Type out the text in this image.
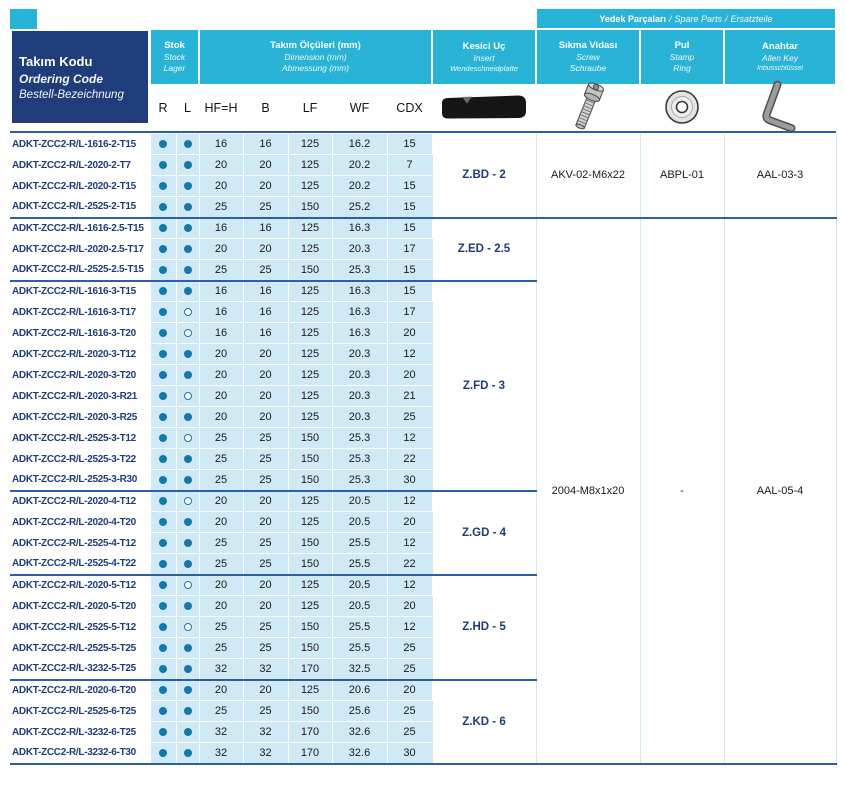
Takım Kodu
Ordering Code
Bestell-Bezeichnung
Yedek Parçaları / Spare Parts / Ersatzteile
Stok
Stock
Lager
Takım Ölçüleri (mm)
Dimension (mm)
Abmessung (mm)
Kesici Uç
Insert
Wendeschneidplatte
Sıkma Vidası
Screw
Schraube
Pul
Stamp
Ring
Anahtar
Allen Key
Inbusschlüssel
R	L	HF=H	B	LF	WF	CDX
ADKT-ZCC2-R/L-1616-2-T15			16	16	125	16.2	15	Z.BD - 2	AKV-02-M6x22	ABPL-01	AAL-03-3
ADKT-ZCC2-R/L-2020-2-T7			20	20	125	20.2	7				
ADKT-ZCC2-R/L-2020-2-T15			20	20	125	20.2	15				
ADKT-ZCC2-R/L-2525-2-T15			25	25	150	25.2	15				
ADKT-ZCC2-R/L-1616-2.5-T15			16	16	125	16.3	15	Z.ED - 2.5	2004-M8x1x20	-	AAL-05-4
ADKT-ZCC2-R/L-2020-2.5-T17			20	20	125	20.3	17				
ADKT-ZCC2-R/L-2525-2.5-T15			25	25	150	25.3	15				
ADKT-ZCC2-R/L-1616-3-T15			16	16	125	16.3	15	Z.FD - 3			
ADKT-ZCC2-R/L-1616-3-T17			16	16	125	16.3	17				
ADKT-ZCC2-R/L-1616-3-T20			16	16	125	16.3	20				
ADKT-ZCC2-R/L-2020-3-T12			20	20	125	20.3	12				
ADKT-ZCC2-R/L-2020-3-T20			20	20	125	20.3	20				
ADKT-ZCC2-R/L-2020-3-R21			20	20	125	20.3	21				
ADKT-ZCC2-R/L-2020-3-R25			20	20	125	20.3	25				
ADKT-ZCC2-R/L-2525-3-T12			25	25	150	25.3	12				
ADKT-ZCC2-R/L-2525-3-T22			25	25	150	25.3	22				
ADKT-ZCC2-R/L-2525-3-R30			25	25	150	25.3	30				
ADKT-ZCC2-R/L-2020-4-T12			20	20	125	20.5	12	Z.GD - 4			
ADKT-ZCC2-R/L-2020-4-T20			20	20	125	20.5	20				
ADKT-ZCC2-R/L-2525-4-T12			25	25	150	25.5	12				
ADKT-ZCC2-R/L-2525-4-T22			25	25	150	25.5	22				
ADKT-ZCC2-R/L-2020-5-T12			20	20	125	20.5	12	Z.HD - 5			
ADKT-ZCC2-R/L-2020-5-T20			20	20	125	20.5	20				
ADKT-ZCC2-R/L-2525-5-T12			25	25	150	25.5	12				
ADKT-ZCC2-R/L-2525-5-T25			25	25	150	25.5	25				
ADKT-ZCC2-R/L-3232-5-T25			32	32	170	32.5	25				
ADKT-ZCC2-R/L-2020-6-T20			20	20	125	20.6	20	Z.KD - 6			
ADKT-ZCC2-R/L-2525-6-T25			25	25	150	25.6	25				
ADKT-ZCC2-R/L-3232-6-T25			32	32	170	32.6	25				
ADKT-ZCC2-R/L-3232-6-T30			32	32	170	32.6	30				
